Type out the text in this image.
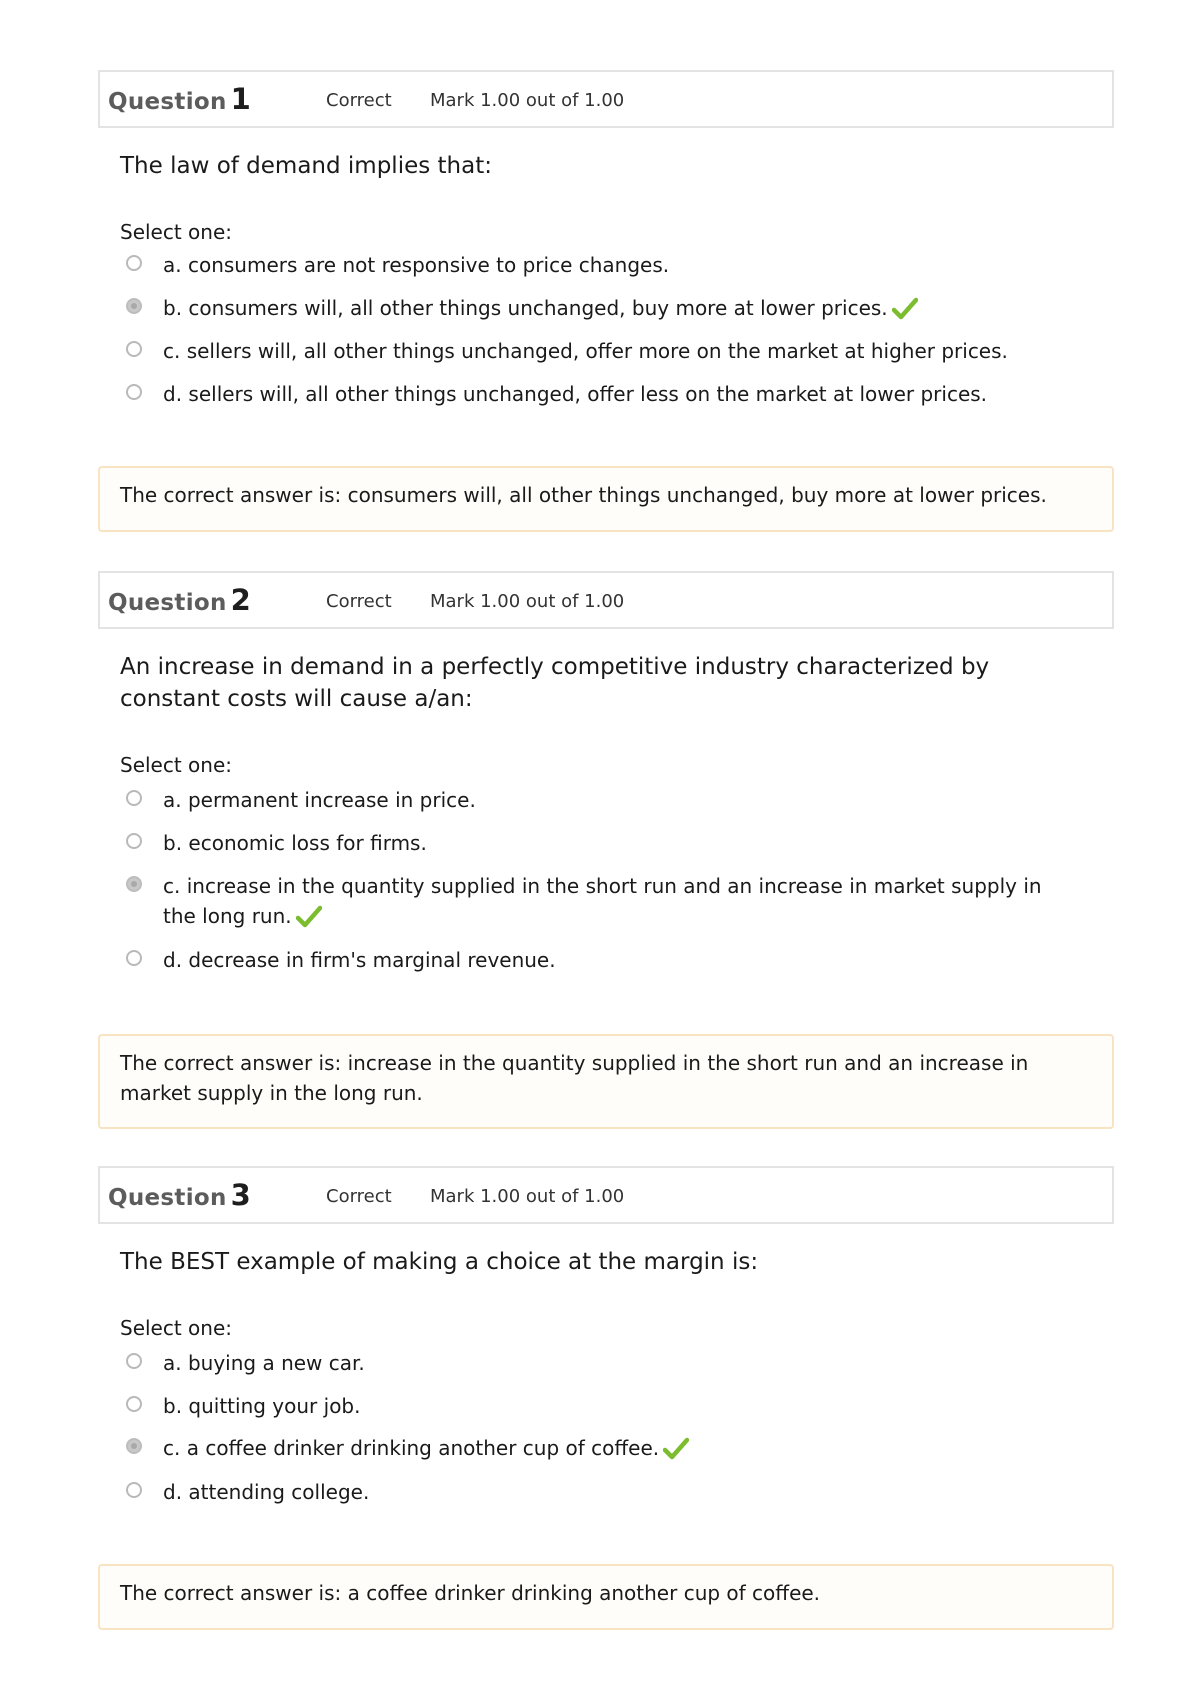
Question 1	Correct Mark 1.00 out of 1.00
The law of demand implies that:
Select one:
a. consumers are not responsive to price changes.
b. consumers will, all other things unchanged, buy more at lower prices.
c. sellers will, all other things unchanged, offer more on the market at higher prices.
d. sellers will, all other things unchanged, offer less on the market at lower prices.
The correct answer is: consumers will, all other things unchanged, buy more at lower prices.
Question 2	Correct Mark 1.00 out of 1.00
An increase in demand in a perfectly competitive industry characterized by constant costs will cause a/an:
Select one:
a. permanent increase in price.
b. economic loss for firms.
c. increase in the quantity supplied in the short run and an increase in market supply in the long run.
d. decrease in firm's marginal revenue.
The correct answer is: increase in the quantity supplied in the short run and an increase in market supply in the long run.
Question 3	Correct Mark 1.00 out of 1.00
The BEST example of making a choice at the margin is:
Select one:
a. buying a new car.
b. quitting your job.
c. a coffee drinker drinking another cup of coffee.
d. attending college.
The correct answer is: a coffee drinker drinking another cup of coffee.
